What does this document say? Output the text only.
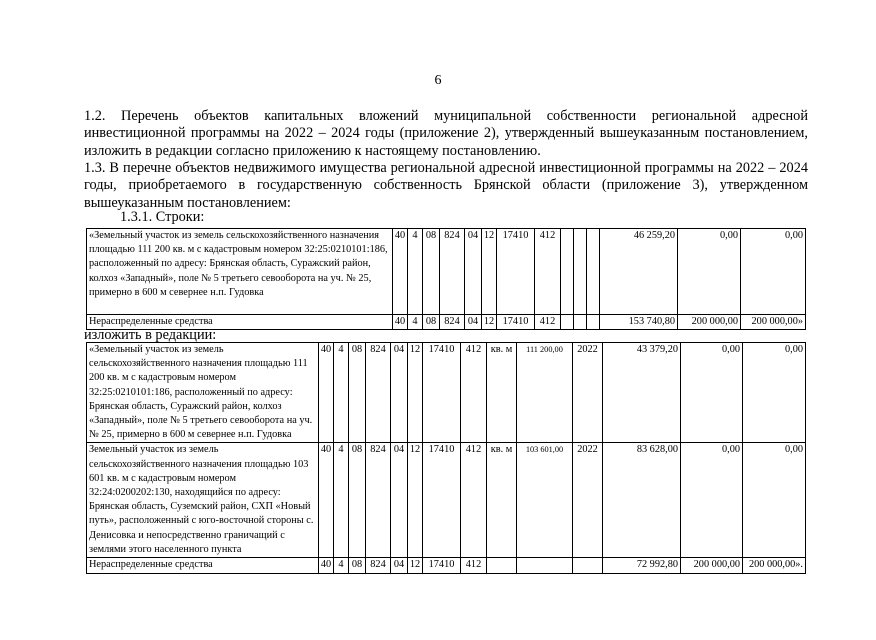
6
1.2. Перечень объектов капитальных вложений муниципальной собственности региональной адресной инвестиционной программы на 2022 – 2024 годы (приложение 2), утвержденный вышеуказанным постановлением, изложить в редакции согласно приложению к настоящему постановлению.
1.3. В перечне объектов недвижимого имущества региональной адресной инвестиционной программы на 2022 – 2024 годы, приобретаемого в государственную собственность Брянской области (приложение 3), утвержденном вышеуказанным постановлением:
1.3.1. Строки:
«Земельный участок из земель сельскохозяйственного назначения площадью 111 200 кв. м с кадастровым номером 32:25:0210101:186, расположенный по адресу: Брянская область, Суражский район, колхоз «Западный», поле № 5 третьего севооборота на уч. № 25, примерно в 600 м севернее н.п. Гудовка	40	4	08	824	04	12	17410	412				46 259,20	0,00	0,00
Нераспределенные средства	40	4	08	824	04	12	17410	412				153 740,80	200 000,00	200 000,00»
изложить в редакции:
«Земельный участок из земель сельскохозяйственного назначения площадью 111 200 кв. м с кадастровым номером 32:25:0210101:186, расположенный по адресу: Брянская область, Суражский район, колхоз «Западный», поле № 5 третьего севооборота на уч. № 25, примерно в 600 м севернее н.п. Гудовка	40	4	08	824	04	12	17410	412	кв. м	111 200,00	2022	43 379,20	0,00	0,00
Земельный участок из земель сельскохозяйственного назначения площадью 103 601 кв. м с кадастровым номером 32:24:0200202:130, находящийся по адресу: Брянская область, Суземский район, СХП «Новый путь», расположенный с юго-восточной стороны с. Денисовка и непосредственно граничащий с землями этого населенного пункта	40	4	08	824	04	12	17410	412	кв. м	103 601,00	2022	83 628,00	0,00	0,00
Нераспределенные средства	40	4	08	824	04	12	17410	412				72 992,80	200 000,00	200 000,00».
